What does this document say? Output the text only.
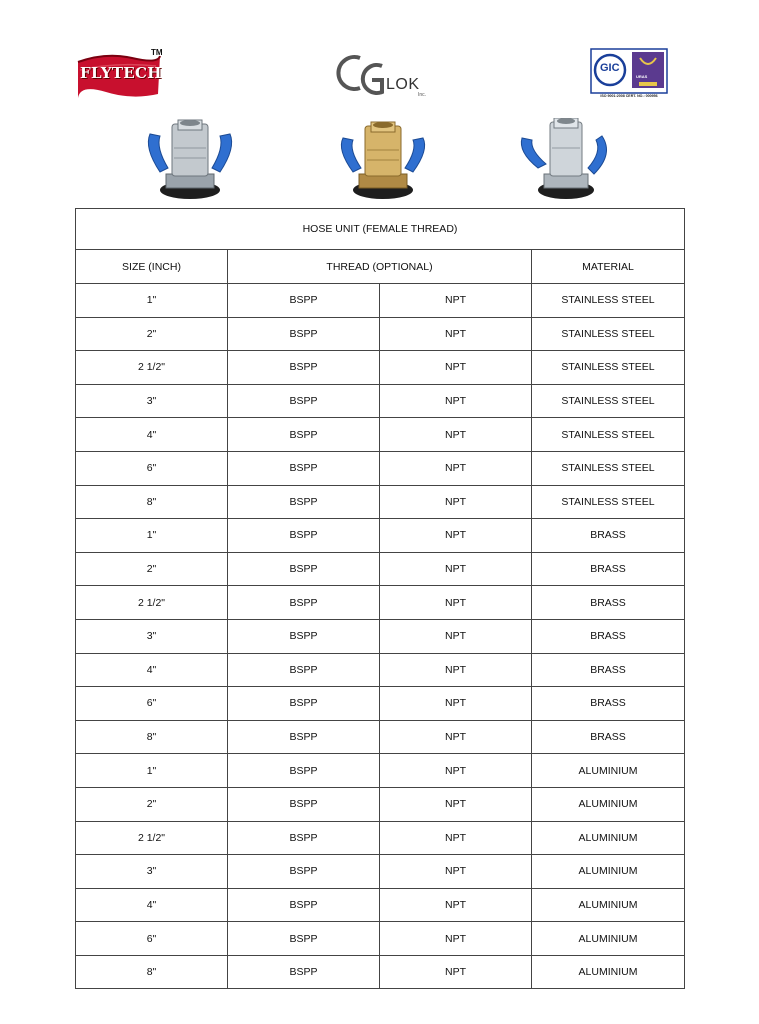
FLYTECH
TM
LOK
Inc.
GIC
URAS
ISO 9001:2008 CERT. NO.: 000956
HOSE UNIT (FEMALE THREAD)			
SIZE (INCH)	THREAD (OPTIONAL)		MATERIAL
1"	BSPP	NPT	STAINLESS STEEL
2"	BSPP	NPT	STAINLESS STEEL
2 1/2"	BSPP	NPT	STAINLESS STEEL
3"	BSPP	NPT	STAINLESS STEEL
4"	BSPP	NPT	STAINLESS STEEL
6"	BSPP	NPT	STAINLESS STEEL
8"	BSPP	NPT	STAINLESS STEEL
1"	BSPP	NPT	BRASS
2"	BSPP	NPT	BRASS
2 1/2"	BSPP	NPT	BRASS
3"	BSPP	NPT	BRASS
4"	BSPP	NPT	BRASS
6"	BSPP	NPT	BRASS
8"	BSPP	NPT	BRASS
1"	BSPP	NPT	ALUMINIUM
2"	BSPP	NPT	ALUMINIUM
2 1/2"	BSPP	NPT	ALUMINIUM
3"	BSPP	NPT	ALUMINIUM
4"	BSPP	NPT	ALUMINIUM
6"	BSPP	NPT	ALUMINIUM
8"	BSPP	NPT	ALUMINIUM
